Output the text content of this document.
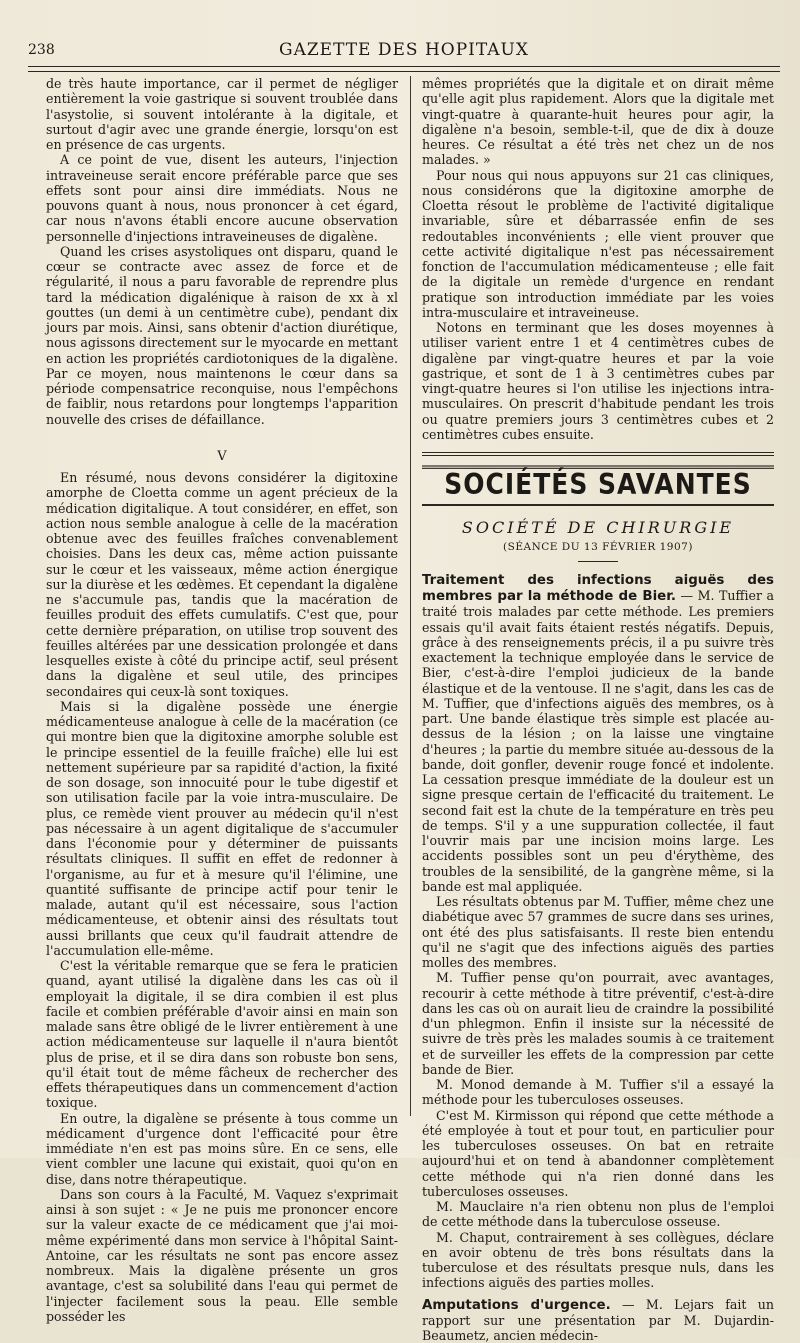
238	GAZETTE DES HOPITAUX

de très haute importance, car il permet de négliger entièrement la voie gastrique si souvent troublée dans l'asystolie, si souvent intolérante à la digitale, et surtout d'agir avec une grande énergie, lorsqu'on est en présence de cas urgents.

A ce point de vue, disent les auteurs, l'injection intraveineuse serait encore préférable parce que ses effets sont pour ainsi dire immédiats. Nous ne pouvons quant à nous, nous prononcer à cet égard, car nous n'avons établi encore aucune observation personnelle d'injections intraveineuses de digalène.

Quand les crises asystoliques ont disparu, quand le cœur se contracte avec assez de force et de régularité, il nous a paru favorable de reprendre plus tard la médication digalénique à raison de xx à xl gouttes (un demi à un centimètre cube), pendant dix jours par mois. Ainsi, sans obtenir d'action diurétique, nous agissons directement sur le myocarde en mettant en action les propriétés cardiotoniques de la digalène. Par ce moyen, nous maintenons le cœur dans sa période compensatrice reconquise, nous l'empêchons de faiblir, nous retardons pour longtemps l'apparition nouvelle des crises de défaillance.

V

En résumé, nous devons considérer la digitoxine amorphe de Cloetta comme un agent précieux de la médication digitalique. A tout considérer, en effet, son action nous semble analogue à celle de la macération obtenue avec des feuilles fraîches convenablement choisies. Dans les deux cas, même action puissante sur le cœur et les vaisseaux, même action énergique sur la diurèse et les œdèmes. Et cependant la digalène ne s'accumule pas, tandis que la macération de feuilles produit des effets cumulatifs. C'est que, pour cette dernière préparation, on utilise trop souvent des feuilles altérées par une dessication prolongée et dans lesquelles existe à côté du principe actif, seul présent dans la digalène et seul utile, des principes secondaires qui ceux-là sont toxiques.

Mais si la digalène possède une énergie médicamenteuse analogue à celle de la macération (ce qui montre bien que la digitoxine amorphe soluble est le principe essentiel de la feuille fraîche) elle lui est nettement supérieure par sa rapidité d'action, la fixité de son dosage, son innocuité pour le tube digestif et son utilisation facile par la voie intra-musculaire. De plus, ce remède vient prouver au médecin qu'il n'est pas nécessaire à un agent digitalique de s'accumuler dans l'économie pour y déterminer de puissants résultats cliniques. Il suffit en effet de redonner à l'organisme, au fur et à mesure qu'il l'élimine, une quantité suffisante de principe actif pour tenir le malade, autant qu'il est nécessaire, sous l'action médicamenteuse, et obtenir ainsi des résultats tout aussi brillants que ceux qu'il faudrait attendre de l'accumulation elle-même.

C'est la véritable remarque que se fera le praticien quand, ayant utilisé la digalène dans les cas où il employait la digitale, il se dira combien il est plus facile et combien préférable d'avoir ainsi en main son malade sans être obligé de le livrer entièrement à une action médicamenteuse sur laquelle il n'aura bientôt plus de prise, et il se dira dans son robuste bon sens, qu'il était tout de même fâcheux de rechercher des effets thérapeutiques dans un commencement d'action toxique.

En outre, la digalène se présente à tous comme un médicament d'urgence dont l'efficacité pour être immédiate n'en est pas moins sûre. En ce sens, elle vient combler une lacune qui existait, quoi qu'on en dise, dans notre thérapeutique.

Dans son cours à la Faculté, M. Vaquez s'exprimait ainsi à son sujet : « Je ne puis me prononcer encore sur la valeur exacte de ce médicament que j'ai moi-même expérimenté dans mon service à l'hôpital Saint-Antoine, car les résultats ne sont pas encore assez nombreux. Mais la digalène présente un gros avantage, c'est sa solubilité dans l'eau qui permet de l'injecter facilement sous la peau. Elle semble posséder les

mêmes propriétés que la digitale et on dirait même qu'elle agit plus rapidement. Alors que la digitale met vingt-quatre à quarante-huit heures pour agir, la digalène n'a besoin, semble-t-il, que de dix à douze heures. Ce résultat a été très net chez un de nos malades. »

Pour nous qui nous appuyons sur 21 cas cliniques, nous considérons que la digitoxine amorphe de Cloetta résout le problème de l'activité digitalique invariable, sûre et débarrassée enfin de ses redoutables inconvénients ; elle vient prouver que cette activité digitalique n'est pas nécessairement fonction de l'accumulation médicamenteuse ; elle fait de la digitale un remède d'urgence en rendant pratique son introduction immédiate par les voies intra-musculaire et intraveineuse.

Notons en terminant que les doses moyennes à utiliser varient entre 1 et 4 centimètres cubes de digalène par vingt-quatre heures et par la voie gastrique, et sont de 1 à 3 centimètres cubes par vingt-quatre heures si l'on utilise les injections intra-musculaires. On prescrit d'habitude pendant les trois ou quatre premiers jours 3 centimètres cubes et 2 centimètres cubes ensuite.

SOCIÉTÉS SAVANTES
SOCIÉTÉ DE CHIRURGIE
(SÉANCE DU 13 FÉVRIER 1907)

Traitement des infections aiguës des membres par la méthode de Bier. — M. Tuffier a traité trois malades par cette méthode. Les premiers essais qu'il avait faits étaient restés négatifs. Depuis, grâce à des renseignements précis, il a pu suivre très exactement la technique employée dans le service de Bier, c'est-à-dire l'emploi judicieux de la bande élastique et de la ventouse. Il ne s'agit, dans les cas de M. Tuffier, que d'infections aiguës des membres, os à part. Une bande élastique très simple est placée au-dessus de la lésion ; on la laisse une vingtaine d'heures ; la partie du membre située au-dessous de la bande, doit gonfler, devenir rouge foncé et indolente. La cessation presque immédiate de la douleur est un signe presque certain de l'efficacité du traitement. Le second fait est la chute de la température en très peu de temps. S'il y a une suppuration collectée, il faut l'ouvrir mais par une incision moins large. Les accidents possibles sont un peu d'érythème, des troubles de la sensibilité, de la gangrène même, si la bande est mal appliquée.

Les résultats obtenus par M. Tuffier, même chez une diabétique avec 57 grammes de sucre dans ses urines, ont été des plus satisfaisants. Il reste bien entendu qu'il ne s'agit que des infections aiguës des parties molles des membres.

M. Tuffier pense qu'on pourrait, avec avantages, recourir à cette méthode à titre préventif, c'est-à-dire dans les cas où on aurait lieu de craindre la possibilité d'un phlegmon. Enfin il insiste sur la nécessité de suivre de très près les malades soumis à ce traitement et de surveiller les effets de la compression par cette bande de Bier.

M. Monod demande à M. Tuffier s'il a essayé la méthode pour les tuberculoses osseuses.

C'est M. Kirmisson qui répond que cette méthode a été employée à tout et pour tout, en particulier pour les tuberculoses osseuses. On bat en retraite aujourd'hui et on tend à abandonner complètement cette méthode qui n'a rien donné dans les tuberculoses osseuses.

M. Mauclaire n'a rien obtenu non plus de l'emploi de cette méthode dans la tuberculose osseuse.

M. Chaput, contrairement à ses collègues, déclare en avoir obtenu de très bons résultats dans la tuberculose et des résultats presque nuls, dans les infections aiguës des parties molles.

Amputations d'urgence. — M. Lejars fait un rapport sur une présentation par M. Dujardin-Beaumetz, ancien médecin-
